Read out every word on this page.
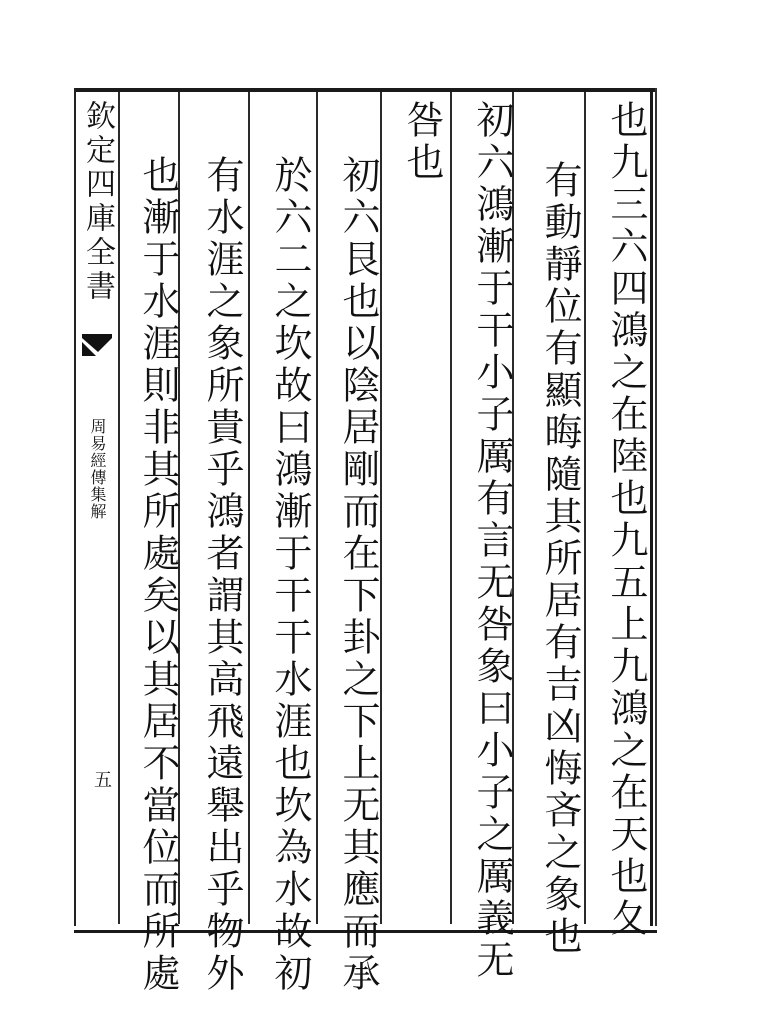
欽定四庫全書
周易經傳集解
五	也九三六四鴻之在陸也九五上九鴻之在天也夂
有動靜位有顯晦隨其所居有吉凶悔吝之象也
初六鴻漸于干小子厲有言无咎象曰小子之厲義无
咎也
初六艮也以陰居剛而在下卦之下上无其應而承
於六二之坎故曰鴻漸于干干水涯也坎為水故初
有水涯之象所貴乎鴻者謂其高飛遠舉出乎物外
也漸于水涯則非其所處矣以其居不當位而所處
